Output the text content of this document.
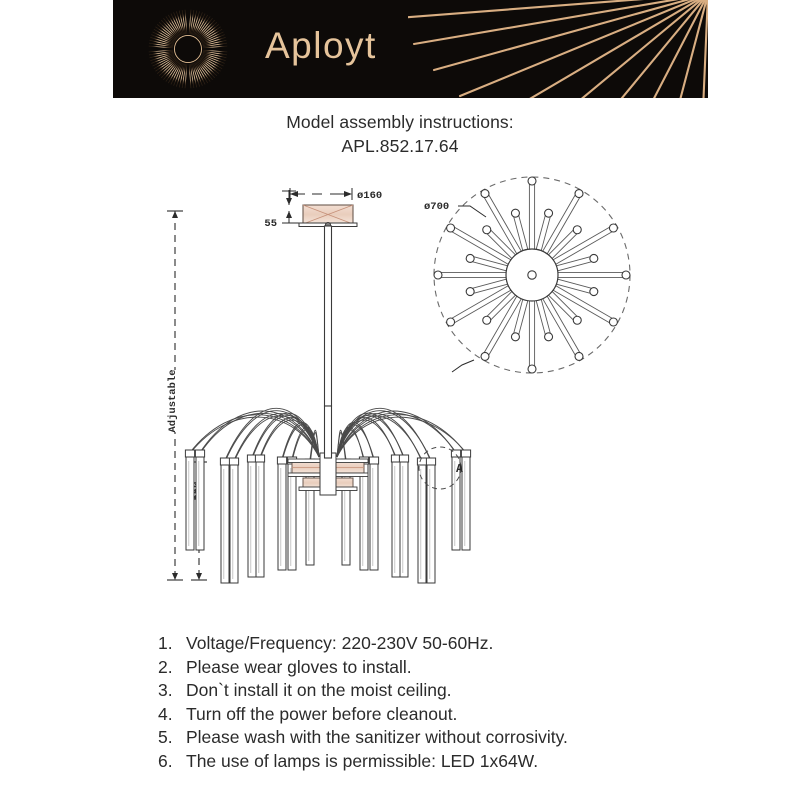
Aployt
Model assembly instructions:
APL.852.17.64
Adjustable
ø160
55
ø700
A
1. Voltage/Frequency: 220-230V 50-60Hz.
2. Please wear gloves to install.
3. Don`t install it on the moist ceiling.
4. Turn off the power before cleanout.
5. Please wash with the sanitizer without corrosivity.
6. The use of lamps is permissible: LED 1x64W.
